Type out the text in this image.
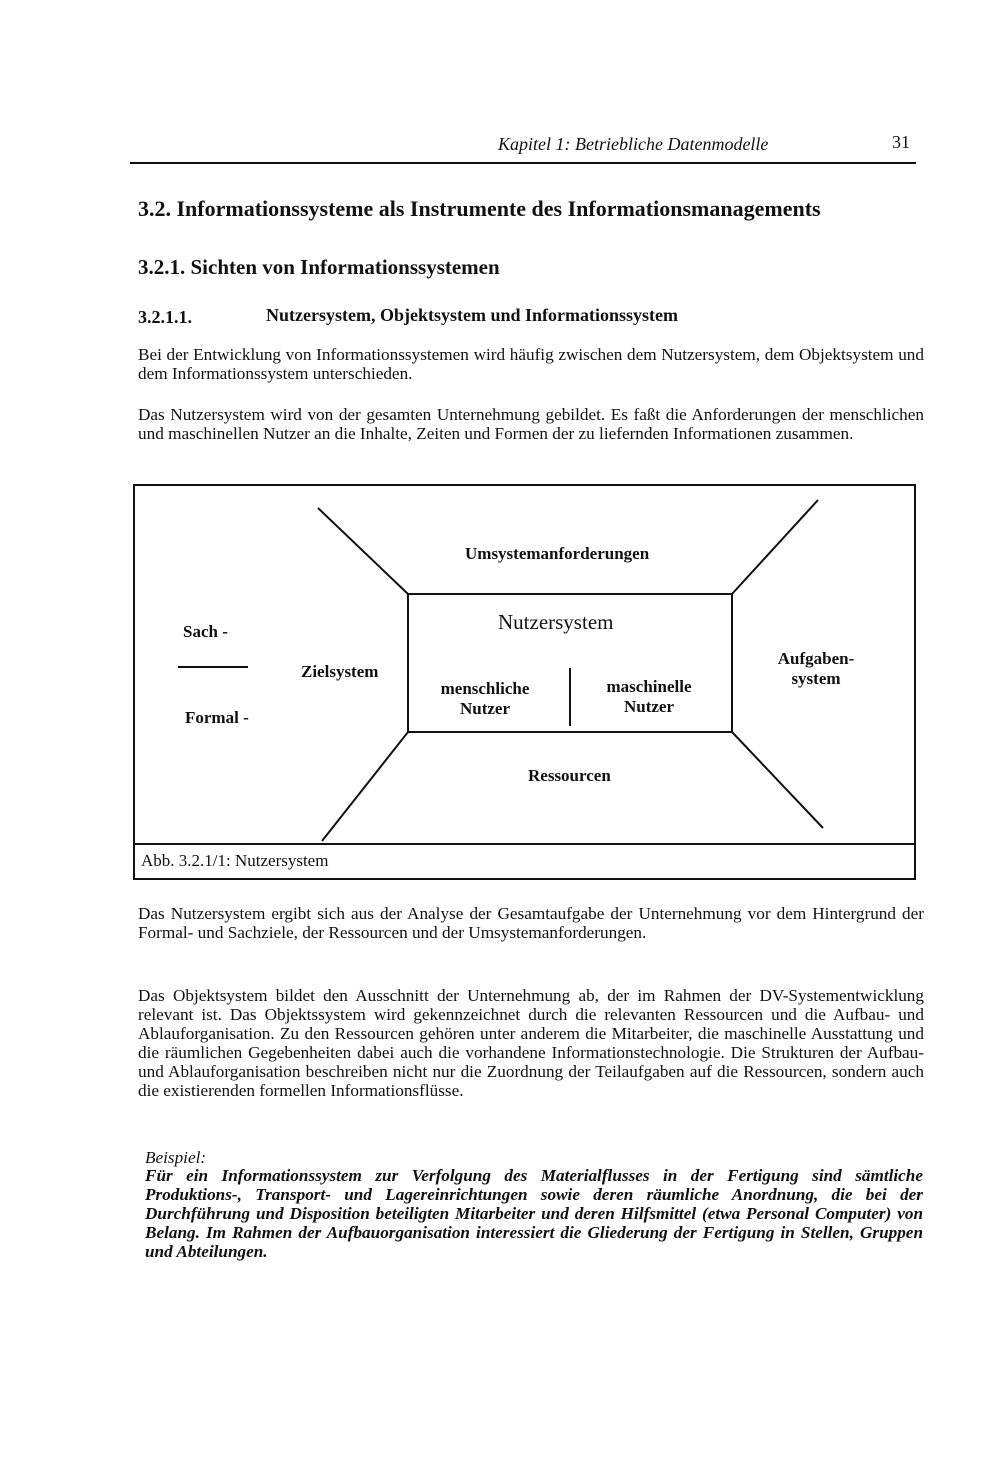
Kapitel 1: Betriebliche Datenmodelle	31
3.2. Informationssysteme als Instrumente des Informationsmanagements
3.2.1. Sichten von Informationssystemen
3.2.1.1.	Nutzersystem, Objektsystem und Informationssystem
Bei der Entwicklung von Informationssystemen wird häufig zwischen dem Nutzersystem, dem Objektsystem und dem Informationssystem unterschieden.
Das Nutzersystem wird von der gesamten Unternehmung gebildet. Es faßt die Anforderungen der menschlichen und maschinellen Nutzer an die Inhalte, Zeiten und Formen der zu liefernden Informationen zusammen.
Umsystemanforderungen
Nutzersystem
Sach -
Formal -
Zielsystem
menschliche
Nutzer
maschinelle
Nutzer
Aufgaben-
system
Ressourcen
Abb. 3.2.1/1: Nutzersystem
Das Nutzersystem ergibt sich aus der Analyse der Gesamtaufgabe der Unternehmung vor dem Hintergrund der Formal- und Sachziele, der Ressourcen und der Umsystemanforderungen.
Das Objektsystem bildet den Ausschnitt der Unternehmung ab, der im Rahmen der DV-Systementwicklung relevant ist. Das Objektssystem wird gekennzeichnet durch die relevanten Ressourcen und die Aufbau- und Ablauforganisation. Zu den Ressourcen gehören unter anderem die Mitarbeiter, die maschinelle Ausstattung und die räumlichen Gegebenheiten dabei auch die vorhandene Informationstechnologie. Die Strukturen der Aufbau- und Ablauforganisation beschreiben nicht nur die Zuordnung der Teilaufgaben auf die Ressourcen, sondern auch die existierenden formellen Informationsflüsse.
Beispiel:
Für ein Informationssystem zur Verfolgung des Materialflusses in der Fertigung sind sämtliche Produktions-, Transport- und Lagereinrichtungen sowie deren räumliche Anordnung, die bei der Durchführung und Disposition beteiligten Mitarbeiter und deren Hilfsmittel (etwa Personal Computer) von Belang. Im Rahmen der Aufbauorganisation interessiert die Gliederung der Fertigung in Stellen, Gruppen und Abteilungen.
